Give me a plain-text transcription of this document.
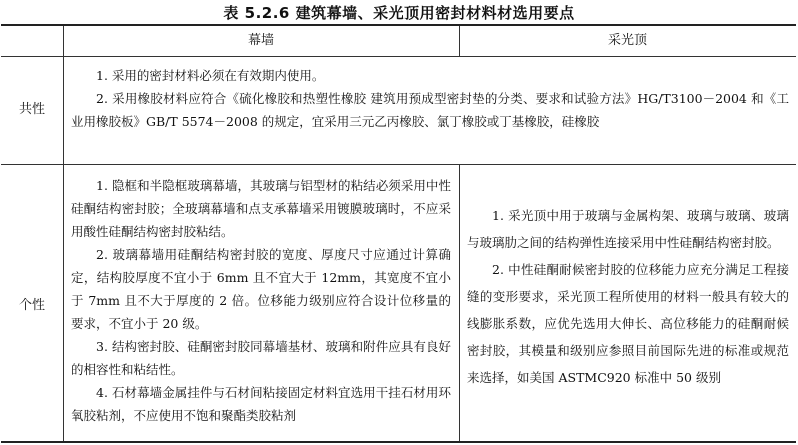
表 5.2.6 建筑幕墙、采光顶用密封材料材选用要点
幕墙	采光顶
共性

1. 采用的密封材料必须在有效期内使用。

2. 采用橡胶材料应符合《硫化橡胶和热塑性橡胶 建筑用预成型密封垫的分类、要求和试验方法》HG/T3100－2004 和《工业用橡胶板》GB/T 5574－2008 的规定，宜采用三元乙丙橡胶、氯丁橡胶或丁基橡胶，硅橡胶

个性

1. 隐框和半隐框玻璃幕墙，其玻璃与铝型材的粘结必须采用中性硅酮结构密封胶；全玻璃幕墙和点支承幕墙采用镀膜玻璃时，不应采用酸性硅酮结构密封胶粘结。

2. 玻璃幕墙用硅酮结构密封胶的宽度、厚度尺寸应通过计算确定，结构胶厚度不宜小于 6mm 且不宜大于 12mm，其宽度不宜小于 7mm 且不大于厚度的 2 倍。位移能力级别应符合设计位移量的要求，不宜小于 20 级。

3. 结构密封胶、硅酮密封胶同幕墙基材、玻璃和附件应具有良好的相容性和粘结性。

4. 石材幕墙金属挂件与石材间粘接固定材料宜选用干挂石材用环氧胶粘剂，不应使用不饱和聚酯类胶粘剂

1. 采光顶中用于玻璃与金属构架、玻璃与玻璃、玻璃与玻璃肋之间的结构弹性连接采用中性硅酮结构密封胶。

2. 中性硅酮耐候密封胶的位移能力应充分满足工程接缝的变形要求，采光顶工程所使用的材料一般具有较大的线膨胀系数，应优先选用大伸长、高位移能力的硅酮耐候密封胶，其模量和级别应参照目前国际先进的标准或规范来选择，如美国 ASTMC920 标准中 50 级别
